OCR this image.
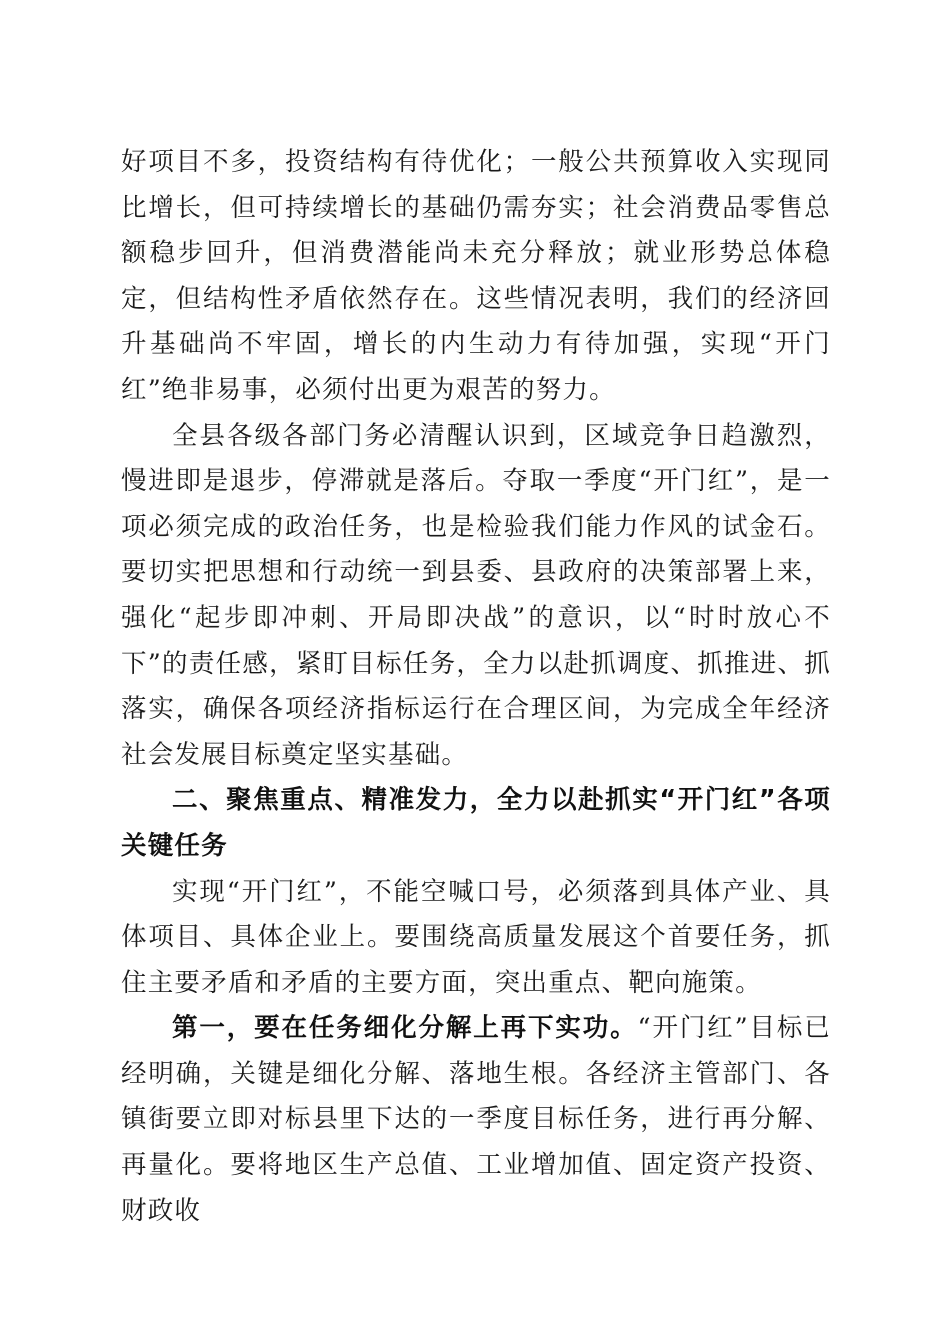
好项目不多，投资结构有待优化；一般公共预算收入实现同比增长，但可持续增长的基础仍需夯实；社会消费品零售总额稳步回升，但消费潜能尚未充分释放；就业形势总体稳定，但结构性矛盾依然存在。这些情况表明，我们的经济回升基础尚不牢固，增长的内生动力有待加强，实现“开门红”绝非易事，必须付出更为艰苦的努力。

全县各级各部门务必清醒认识到，区域竞争日趋激烈，慢进即是退步，停滞就是落后。夺取一季度“开门红”，是一项必须完成的政治任务，也是检验我们能力作风的试金石。要切实把思想和行动统一到县委、县政府的决策部署上来，强化“起步即冲刺、开局即决战”的意识，以“时时放心不下”的责任感，紧盯目标任务，全力以赴抓调度、抓推进、抓落实，确保各项经济指标运行在合理区间，为完成全年经济社会发展目标奠定坚实基础。

二、聚焦重点、精准发力，全力以赴抓实“开门红”各项关键任务

实现“开门红”，不能空喊口号，必须落到具体产业、具体项目、具体企业上。要围绕高质量发展这个首要任务，抓住主要矛盾和矛盾的主要方面，突出重点、靶向施策。

第一，要在任务细化分解上再下实功。“开门红”目标已经明确，关键是细化分解、落地生根。各经济主管部门、各镇街要立即对标县里下达的一季度目标任务，进行再分解、再量化。要将地区生产总值、工业增加值、固定资产投资、财政收
